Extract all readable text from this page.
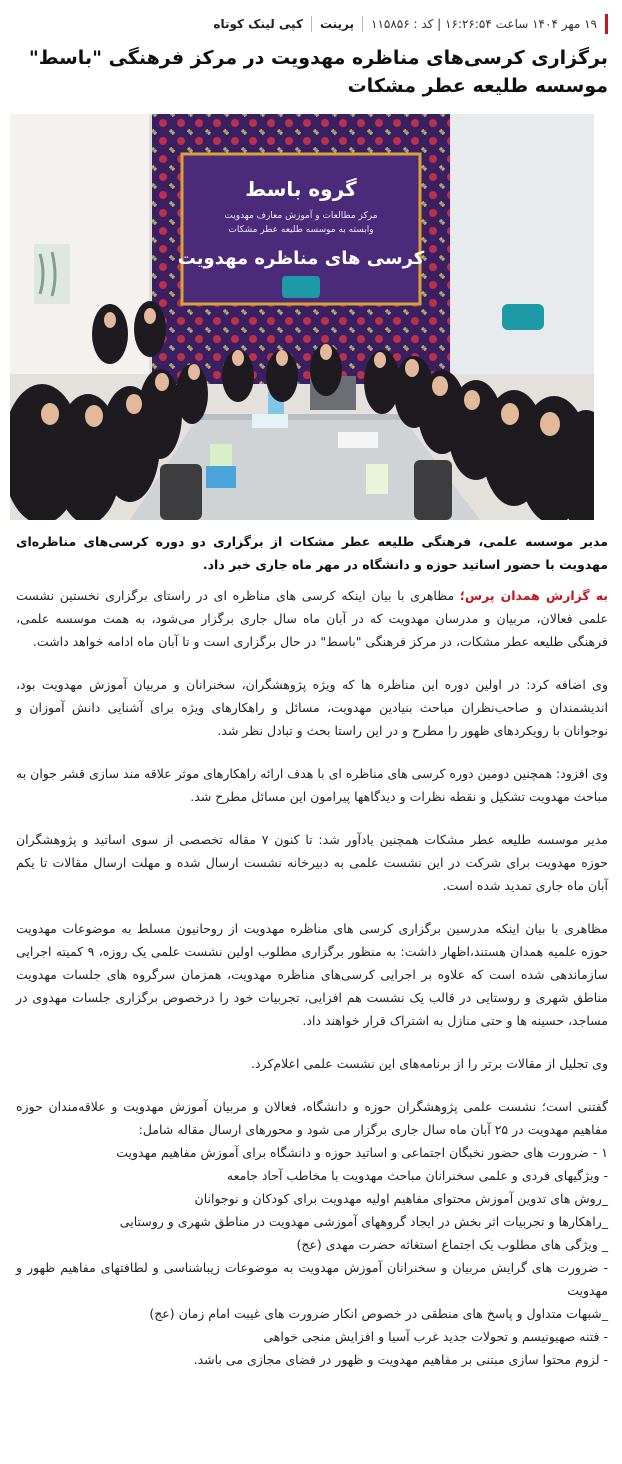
۱۹ مهر ۱۴۰۴ ساعت ۱۶:۲۶:۵۴ | کد : ۱۱۵۸۵۶
پرینت
کپی لینک کوتاه
برگزاری کرسی‌های مناظره مهدویت در مرکز فرهنگی "باسط" موسسه طلیعه عطر مشکات
گروه باسط
مرکز مطالعات و آموزش معارف مهدویت
وابسته به موسسه طلیعه عطر مشکات
کرسی های مناظره مهدویت

مدیر موسسه علمی، فرهنگی طلیعه عطر مشکات از برگزاری دو دوره کرسی‌های مناظره‌ای مهدویت با حضور اساتید حوزه و دانشگاه در مهر ماه جاری خبر داد.

به گزارش همدان پرس؛ مظاهری با بیان اینکه کرسی های مناظره ای در راستای برگزاری نخستین نشست علمی فعالان، مربیان و مدرسان مهدویت که در آبان ماه سال جاری برگزار می‌شود، به همت موسسه علمی، فرهنگی طلیعه عطر مشکات، در مرکز فرهنگی "باسط" در حال برگزاری است و تا آبان ماه ادامه خواهد داشت.

وی اضافه کرد: در اولین دوره این مناظره ها که ویژه پژوهشگران، سخنرانان و مربیان آموزش مهدویت بود، اندیشمندان و صاحب‌نظران مباحث بنیادین مهدویت، مسائل و راهکارهای ویژه برای آشنایی دانش آموزان و نوجوانان با رویکردهای ظهور را مطرح و در این راستا بحث و تبادل نظر شد.

وی افزود: همچنین دومین دوره کرسی های مناظره ای با هدف ارائه راهکارهای موثر علاقه مند سازی قشر جوان به مباحث مهدویت تشکیل و نقطه نظرات و دیدگاهها پیرامون این مسائل مطرح شد.

مدیر موسسه طلیعه عطر مشکات همچنین یادآور شد: تا کنون ۷ مقاله تخصصی از سوی اساتید و پژوهشگران حوزه مهدویت برای شرکت در این نشست علمی به دبیرخانه نشست ارسال شده و مهلت ارسال مقالات تا یکم آبان ماه جاری تمدید شده است.

مظاهری با بیان اینکه مدرسین برگزاری کرسی های مناظره مهدویت از روحانیون مسلط به موضوعات مهدویت حوزه علمیه همدان هستند،اظهار داشت: به منظور برگزاری مطلوب اولین نشست علمی یک روزه، ۹ کمیته اجرایی سازماندهی شده است که علاوه بر اجرایی کرسی‌های مناظره مهدویت، همزمان سرگروه های جلسات مهدویت مناطق شهری و روستایی در قالب یک نشست هم افزایی، تجربیات خود را درخصوص برگزاری جلسات مهدوی در مساجد، حسینه ها و حتی منازل به اشتراک قرار خواهند داد.

وی تجلیل از مقالات برتر را از برنامه‌های این نشست علمی اعلام‌کرد.

گفتنی است؛ نشست علمی پژوهشگران حوزه و دانشگاه، فعالان و مربیان آموزش مهدویت و علاقه‌مندان حوزه مفاهیم مهدویت در ۲۵ آبان ماه سال جاری برگزار می شود و محورهای ارسال مقاله شامل:

۱ - ضرورت های حضور نخبگان اجتماعی و اساتید حوزه و دانشگاه برای آموزش مفاهیم مهدویت
- ویژگیهای فردی و علمی سخنرانان مباحث مهدویت با مخاطب آحاد جامعه
_روش های تدوین آموزش محتوای مفاهیم اولیه مهدویت برای کودکان و نوجوانان
_راهکارها و تجربیات اثر بخش در ایجاد گروههای آموزشی مهدویت در مناطق شهری و روستایی
_ ویژگی های مطلوب یک اجتماع استغاثه حضرت مهدی (عج)
- ضرورت های گرایش مربیان و سخنرانان آموزش مهدویت به موضوعات زیباشناسی و لطافتهای مفاهیم ظهور و مهدویت
_شبهات متداول و پاسخ های منطقی در خصوص انکار ضرورت های غیبت امام زمان (عج)
- فتنه صهیونیسم و تحولات جدید غرب آسیا و افزایش منجی خواهی
- لزوم محتوا سازی مبتنی بر مفاهیم مهدویت و ظهور در فضای مجازی می باشد.
